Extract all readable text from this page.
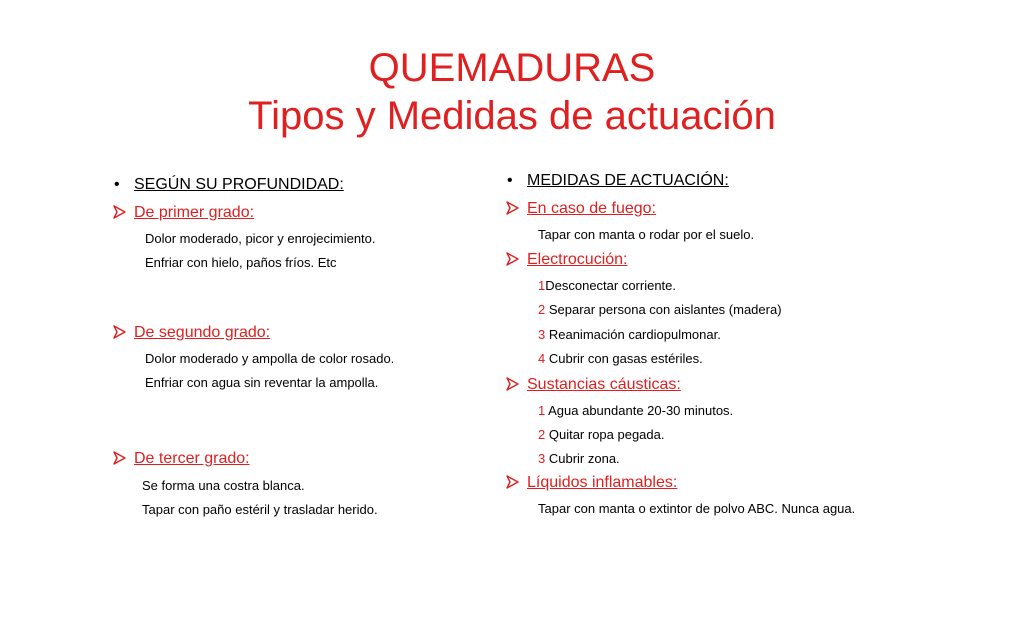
QUEMADURAS
Tipos y Medidas de actuación
• SEGÚN SU PROFUNDIDAD:
De primer grado:
Dolor moderado, picor y enrojecimiento.
Enfriar con hielo, paños fríos. Etc
De segundo grado:
Dolor moderado y ampolla de color rosado.
Enfriar con agua sin reventar la ampolla.
De tercer grado:
Se forma una costra blanca.
Tapar con paño estéril y trasladar herido.
• MEDIDAS DE ACTUACIÓN:
En caso de fuego:
Tapar con manta o rodar por el suelo.
Electrocución:
1Desconectar corriente.
2 Separar persona con aislantes (madera)
3 Reanimación cardiopulmonar.
4 Cubrir con gasas estériles.
Sustancias cáusticas:
1 Agua abundante 20-30 minutos.
2 Quitar ropa pegada.
3 Cubrir zona.
Líquidos inflamables:
Tapar con manta o extintor de polvo ABC. Nunca agua.
